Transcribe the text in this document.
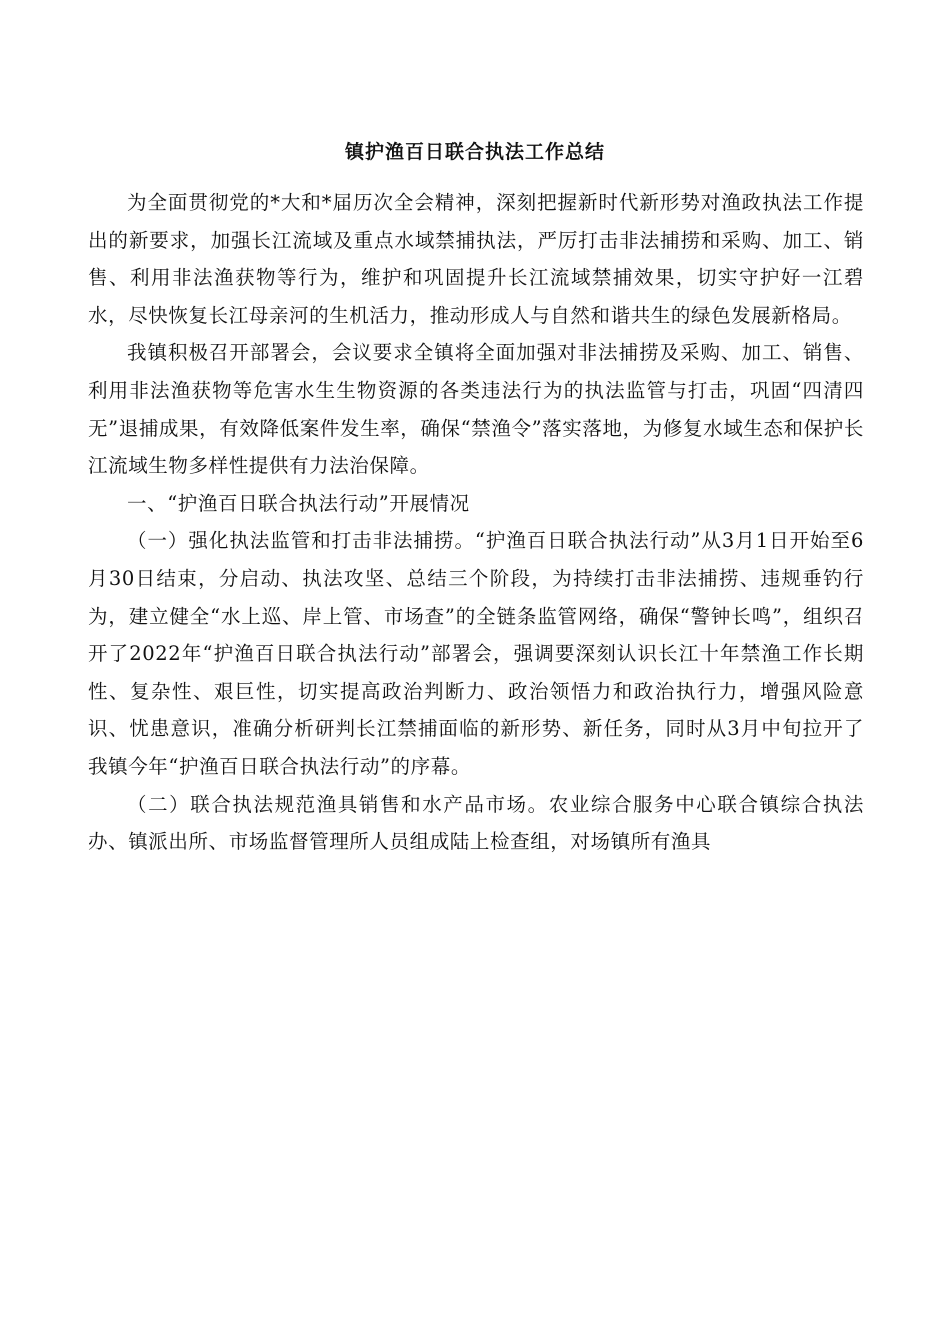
镇护渔百日联合执法工作总结

为全面贯彻党的*大和*届历次全会精神，深刻把握新时代新形势对渔政执法工作提出的新要求，加强长江流域及重点水域禁捕执法，严厉打击非法捕捞和采购、加工、销售、利用非法渔获物等行为，维护和巩固提升长江流域禁捕效果，切实守护好一江碧水，尽快恢复长江母亲河的生机活力，推动形成人与自然和谐共生的绿色发展新格局。

我镇积极召开部署会，会议要求全镇将全面加强对非法捕捞及采购、加工、销售、利用非法渔获物等危害水生生物资源的各类违法行为的执法监管与打击，巩固“四清四无”退捕成果，有效降低案件发生率，确保“禁渔令”落实落地，为修复水域生态和保护长江流域生物多样性提供有力法治保障。

一、“护渔百日联合执法行动”开展情况

（一）强化执法监管和打击非法捕捞。“护渔百日联合执法行动”从3月1日开始至6月30日结束，分启动、执法攻坚、总结三个阶段，为持续打击非法捕捞、违规垂钓行为，建立健全“水上巡、岸上管、市场查”的全链条监管网络，确保“警钟长鸣”，组织召开了2022年“护渔百日联合执法行动”部署会，强调要深刻认识长江十年禁渔工作长期性、复杂性、艰巨性，切实提高政治判断力、政治领悟力和政治执行力，增强风险意识、忧患意识，准确分析研判长江禁捕面临的新形势、新任务，同时从3月中旬拉开了我镇今年“护渔百日联合执法行动”的序幕。

（二）联合执法规范渔具销售和水产品市场。农业综合服务中心联合镇综合执法办、镇派出所、市场监督管理所人员组成陆上检查组，对场镇所有渔具
